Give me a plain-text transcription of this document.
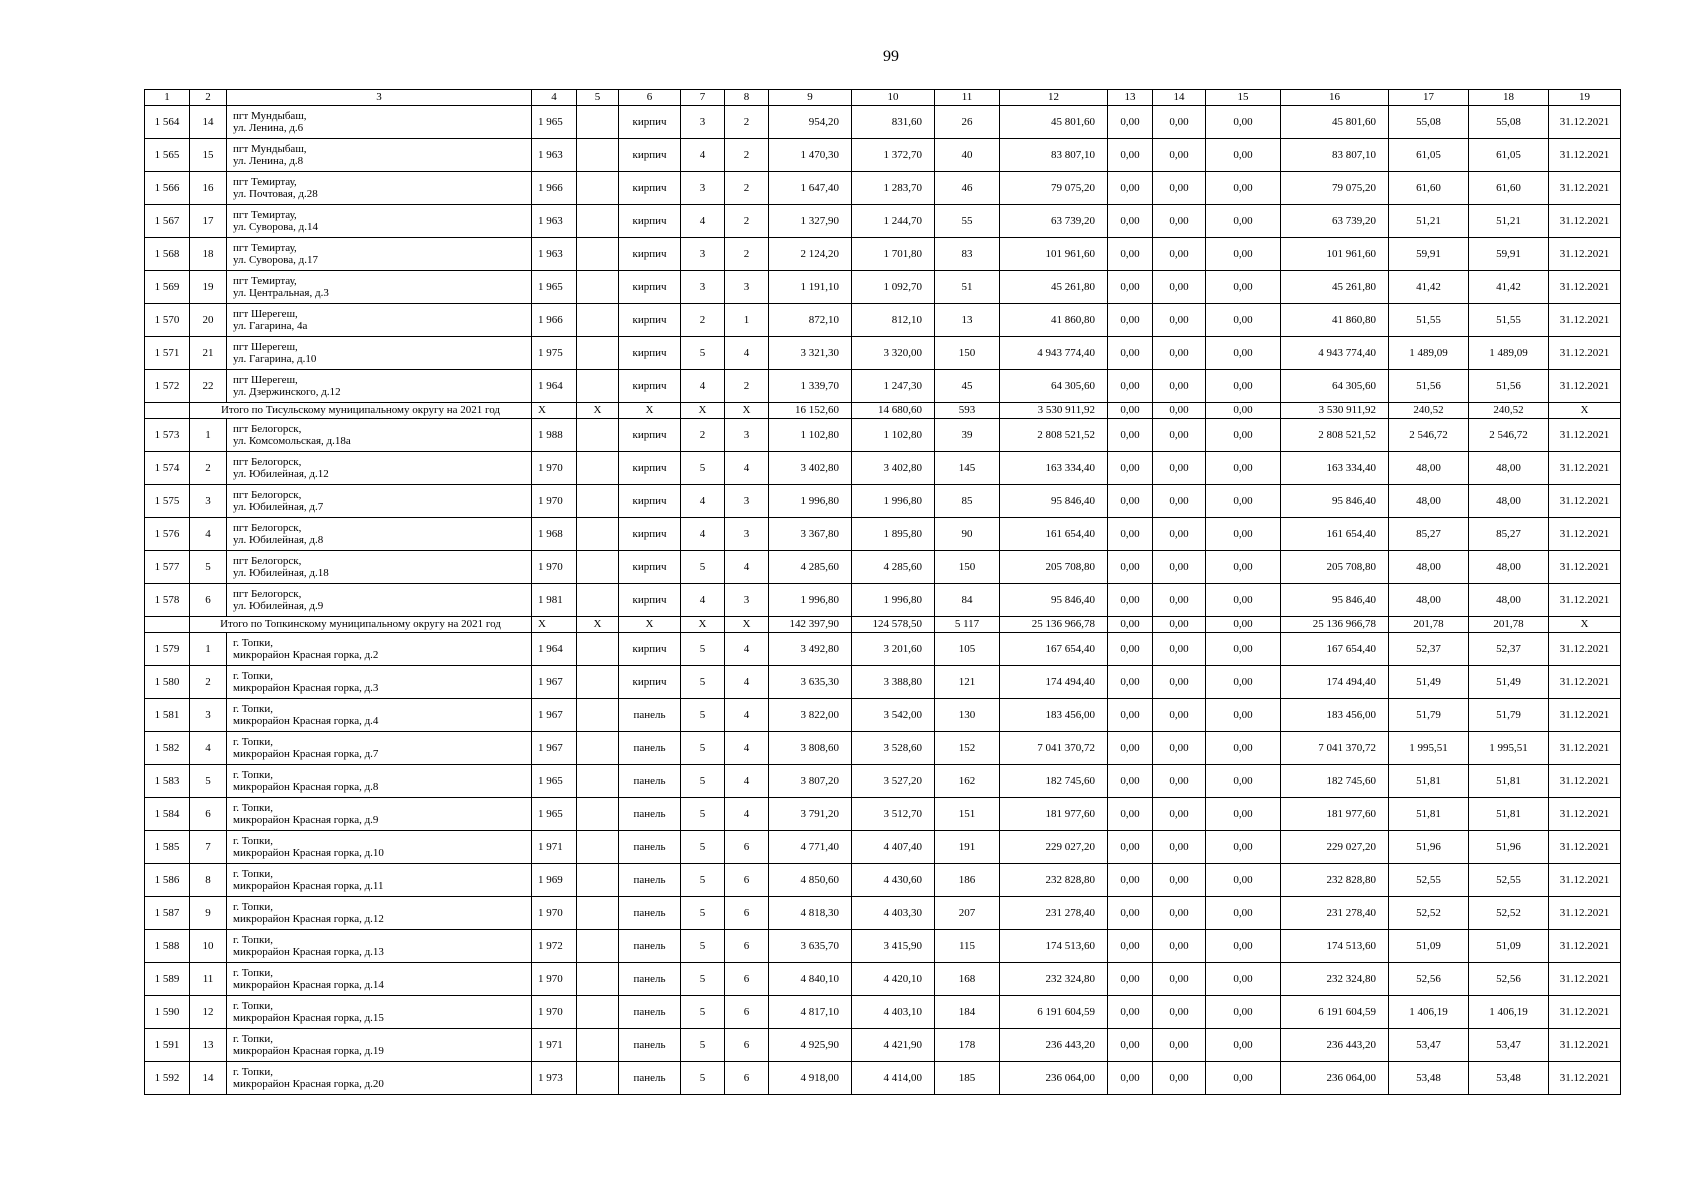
99
1	2	3	4	5	6	7	8	9	10	11	12	13	14	15	16	17	18	19
1 564	14	пгт Мундыбаш,
ул. Ленина, д.6	1 965		кирпич	3	2	954,20	831,60	26	45 801,60	0,00	0,00	0,00	45 801,60	55,08	55,08	31.12.2021
1 565	15	пгт Мундыбаш,
ул. Ленина, д.8	1 963		кирпич	4	2	1 470,30	1 372,70	40	83 807,10	0,00	0,00	0,00	83 807,10	61,05	61,05	31.12.2021
1 566	16	пгт Темиртау,
ул. Почтовая, д.28	1 966		кирпич	3	2	1 647,40	1 283,70	46	79 075,20	0,00	0,00	0,00	79 075,20	61,60	61,60	31.12.2021
1 567	17	пгт Темиртау,
ул. Суворова, д.14	1 963		кирпич	4	2	1 327,90	1 244,70	55	63 739,20	0,00	0,00	0,00	63 739,20	51,21	51,21	31.12.2021
1 568	18	пгт Темиртау,
ул. Суворова, д.17	1 963		кирпич	3	2	2 124,20	1 701,80	83	101 961,60	0,00	0,00	0,00	101 961,60	59,91	59,91	31.12.2021
1 569	19	пгт Темиртау,
ул. Центральная, д.3	1 965		кирпич	3	3	1 191,10	1 092,70	51	45 261,80	0,00	0,00	0,00	45 261,80	41,42	41,42	31.12.2021
1 570	20	пгт Шерегеш,
ул. Гагарина, 4а	1 966		кирпич	2	1	872,10	812,10	13	41 860,80	0,00	0,00	0,00	41 860,80	51,55	51,55	31.12.2021
1 571	21	пгт Шерегеш,
ул. Гагарина, д.10	1 975		кирпич	5	4	3 321,30	3 320,00	150	4 943 774,40	0,00	0,00	0,00	4 943 774,40	1 489,09	1 489,09	31.12.2021
1 572	22	пгт Шерегеш,
ул. Дзержинского, д.12	1 964		кирпич	4	2	1 339,70	1 247,30	45	64 305,60	0,00	0,00	0,00	64 305,60	51,56	51,56	31.12.2021
	Итого по Тисульскому муниципальному округу на 2021 год		X	X	X	X	X	16 152,60	14 680,60	593	3 530 911,92	0,00	0,00	0,00	3 530 911,92	240,52	240,52	X
1 573	1	пгт Белогорск,
ул. Комсомольская, д.18а	1 988		кирпич	2	3	1 102,80	1 102,80	39	2 808 521,52	0,00	0,00	0,00	2 808 521,52	2 546,72	2 546,72	31.12.2021
1 574	2	пгт Белогорск,
ул. Юбилейная, д.12	1 970		кирпич	5	4	3 402,80	3 402,80	145	163 334,40	0,00	0,00	0,00	163 334,40	48,00	48,00	31.12.2021
1 575	3	пгт Белогорск,
ул. Юбилейная, д.7	1 970		кирпич	4	3	1 996,80	1 996,80	85	95 846,40	0,00	0,00	0,00	95 846,40	48,00	48,00	31.12.2021
1 576	4	пгт Белогорск,
ул. Юбилейная, д.8	1 968		кирпич	4	3	3 367,80	1 895,80	90	161 654,40	0,00	0,00	0,00	161 654,40	85,27	85,27	31.12.2021
1 577	5	пгт Белогорск,
ул. Юбилейная, д.18	1 970		кирпич	5	4	4 285,60	4 285,60	150	205 708,80	0,00	0,00	0,00	205 708,80	48,00	48,00	31.12.2021
1 578	6	пгт Белогорск,
ул. Юбилейная, д.9	1 981		кирпич	4	3	1 996,80	1 996,80	84	95 846,40	0,00	0,00	0,00	95 846,40	48,00	48,00	31.12.2021
	Итого по Топкинскому муниципальному округу на 2021 год		X	X	X	X	X	142 397,90	124 578,50	5 117	25 136 966,78	0,00	0,00	0,00	25 136 966,78	201,78	201,78	X
1 579	1	г. Топки,
микрорайон Красная горка, д.2	1 964		кирпич	5	4	3 492,80	3 201,60	105	167 654,40	0,00	0,00	0,00	167 654,40	52,37	52,37	31.12.2021
1 580	2	г. Топки,
микрорайон Красная горка, д.3	1 967		кирпич	5	4	3 635,30	3 388,80	121	174 494,40	0,00	0,00	0,00	174 494,40	51,49	51,49	31.12.2021
1 581	3	г. Топки,
микрорайон Красная горка, д.4	1 967		панель	5	4	3 822,00	3 542,00	130	183 456,00	0,00	0,00	0,00	183 456,00	51,79	51,79	31.12.2021
1 582	4	г. Топки,
микрорайон Красная горка, д.7	1 967		панель	5	4	3 808,60	3 528,60	152	7 041 370,72	0,00	0,00	0,00	7 041 370,72	1 995,51	1 995,51	31.12.2021
1 583	5	г. Топки,
микрорайон Красная горка, д.8	1 965		панель	5	4	3 807,20	3 527,20	162	182 745,60	0,00	0,00	0,00	182 745,60	51,81	51,81	31.12.2021
1 584	6	г. Топки,
микрорайон Красная горка, д.9	1 965		панель	5	4	3 791,20	3 512,70	151	181 977,60	0,00	0,00	0,00	181 977,60	51,81	51,81	31.12.2021
1 585	7	г. Топки,
микрорайон Красная горка, д.10	1 971		панель	5	6	4 771,40	4 407,40	191	229 027,20	0,00	0,00	0,00	229 027,20	51,96	51,96	31.12.2021
1 586	8	г. Топки,
микрорайон Красная горка, д.11	1 969		панель	5	6	4 850,60	4 430,60	186	232 828,80	0,00	0,00	0,00	232 828,80	52,55	52,55	31.12.2021
1 587	9	г. Топки,
микрорайон Красная горка, д.12	1 970		панель	5	6	4 818,30	4 403,30	207	231 278,40	0,00	0,00	0,00	231 278,40	52,52	52,52	31.12.2021
1 588	10	г. Топки,
микрорайон Красная горка, д.13	1 972		панель	5	6	3 635,70	3 415,90	115	174 513,60	0,00	0,00	0,00	174 513,60	51,09	51,09	31.12.2021
1 589	11	г. Топки,
микрорайон Красная горка, д.14	1 970		панель	5	6	4 840,10	4 420,10	168	232 324,80	0,00	0,00	0,00	232 324,80	52,56	52,56	31.12.2021
1 590	12	г. Топки,
микрорайон Красная горка, д.15	1 970		панель	5	6	4 817,10	4 403,10	184	6 191 604,59	0,00	0,00	0,00	6 191 604,59	1 406,19	1 406,19	31.12.2021
1 591	13	г. Топки,
микрорайон Красная горка, д.19	1 971		панель	5	6	4 925,90	4 421,90	178	236 443,20	0,00	0,00	0,00	236 443,20	53,47	53,47	31.12.2021
1 592	14	г. Топки,
микрорайон Красная горка, д.20	1 973		панель	5	6	4 918,00	4 414,00	185	236 064,00	0,00	0,00	0,00	236 064,00	53,48	53,48	31.12.2021
